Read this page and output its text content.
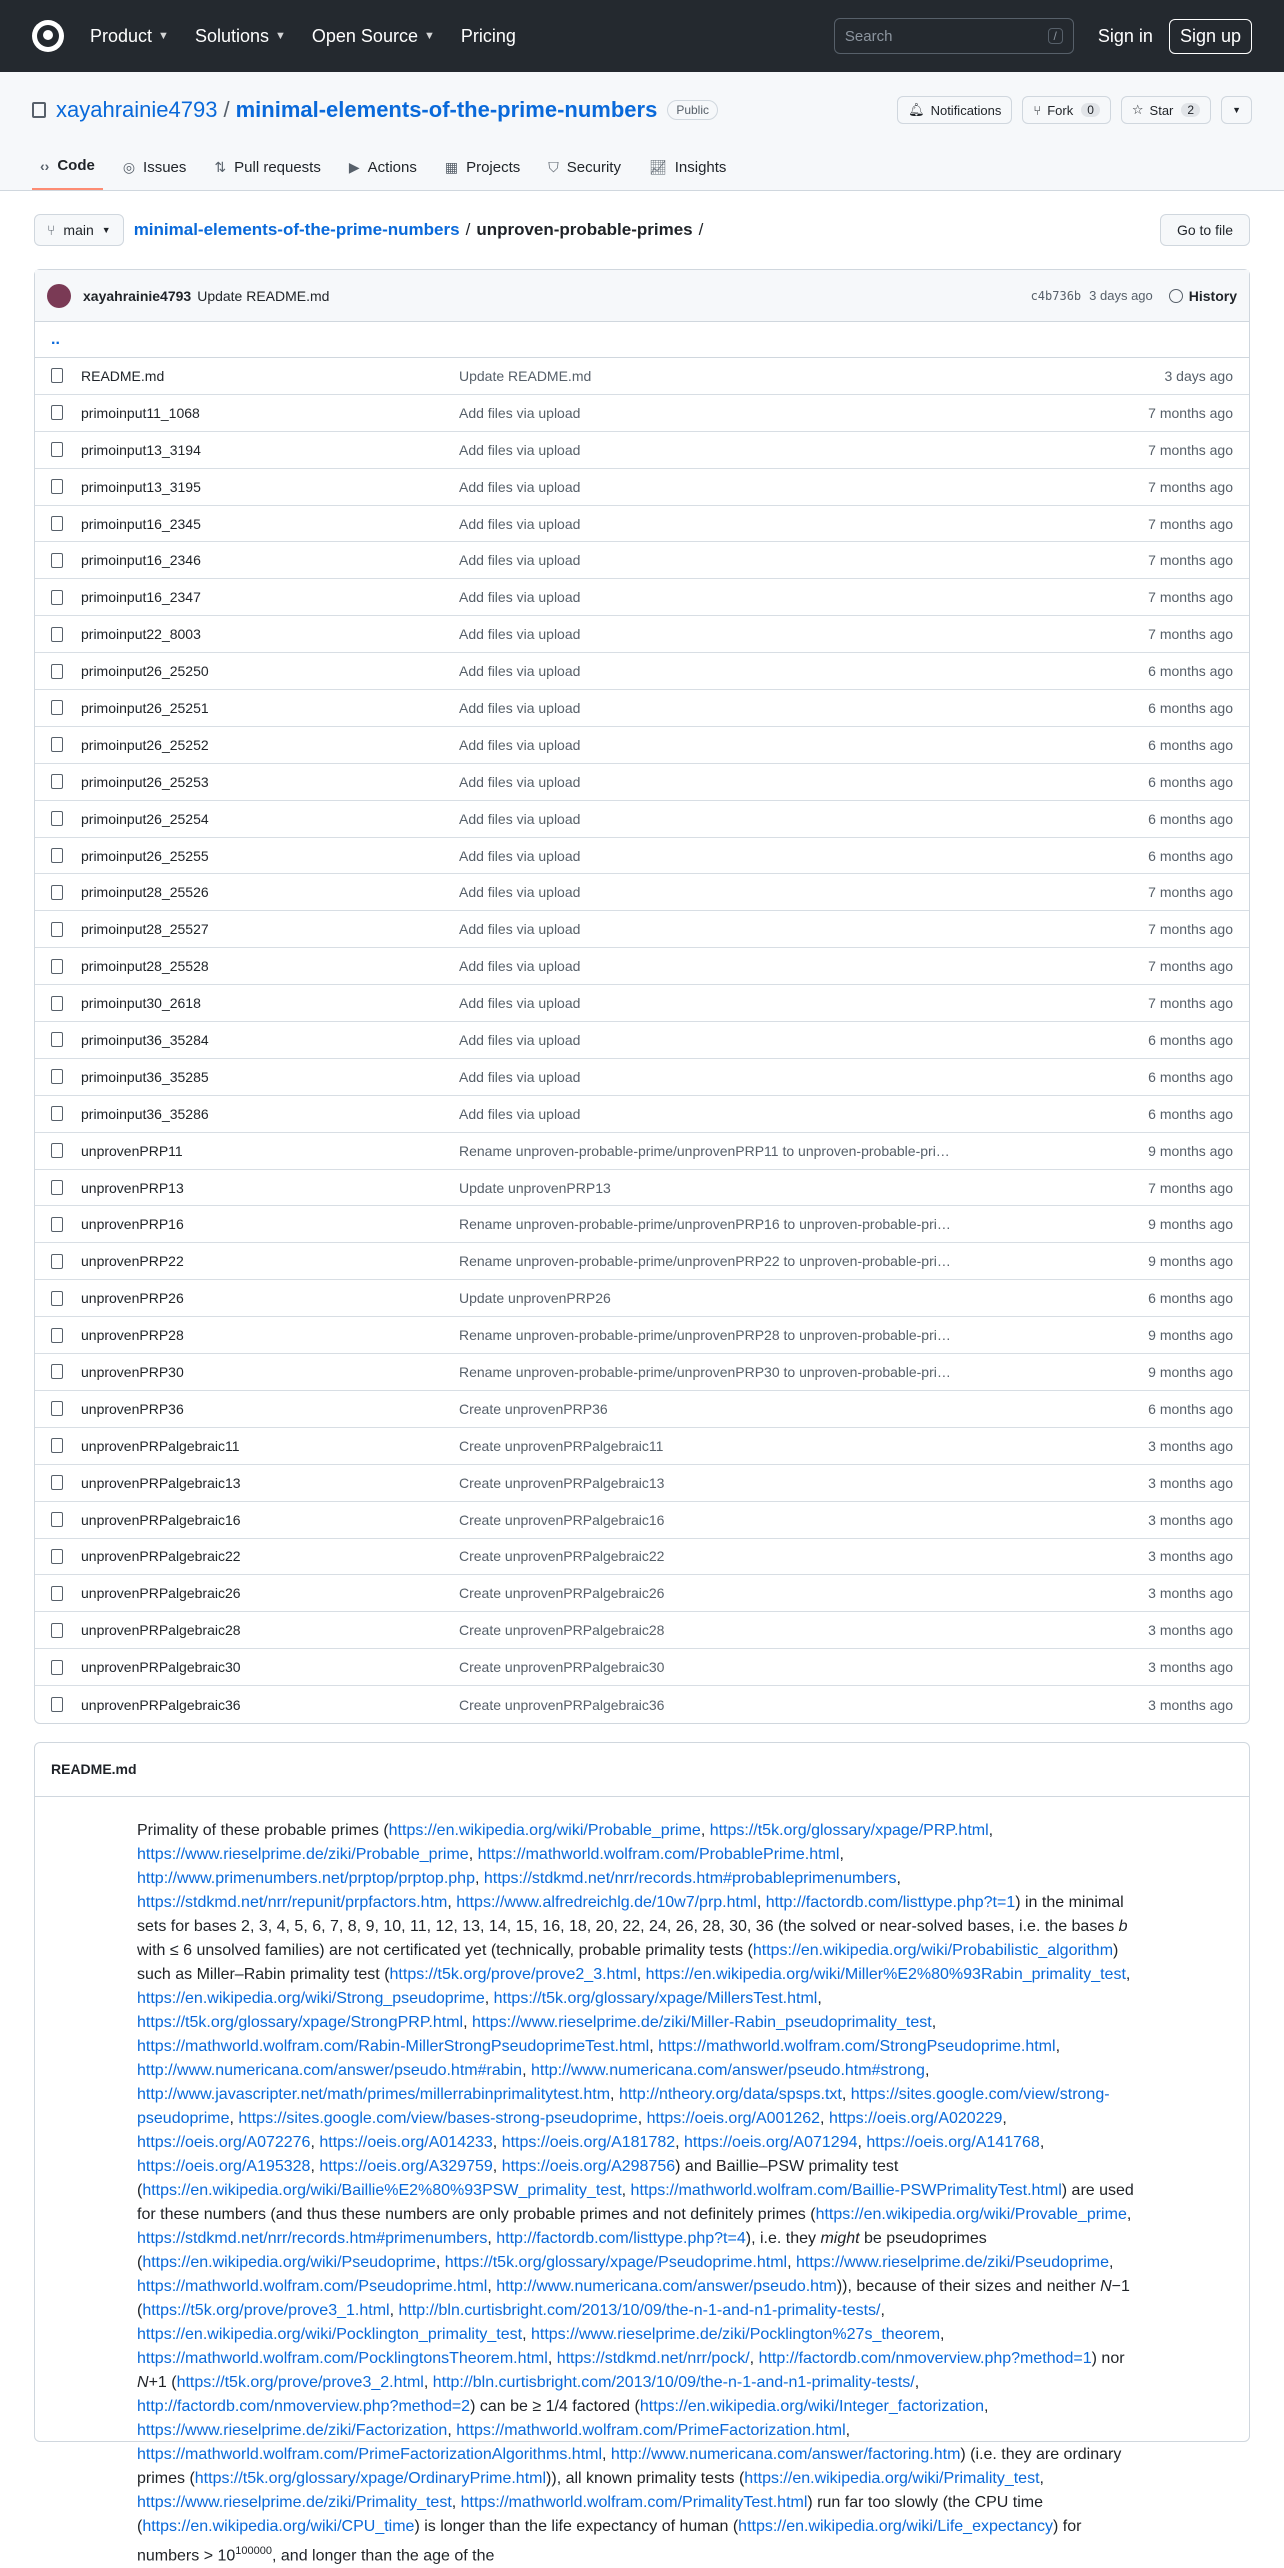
Product ▼ Solutions ▼ Open Source ▼ Pricing	Search	/	Sign in	Sign up
xayahrainie4793 / minimal-elements-of-the-prime-numbers	Public	🔔︎ Notifications ⑂ Fork	0	☆ Star	2	▼
‹› Code ◎ Issues ⇅ Pull requests ▶ Actions ▦ Projects ⛉ Security 📈︎ Insights
⑂ main ▼ minimal-elements-of-the-prime-numbers / unproven-probable-primes /	Go to file
xayahrainie4793 Update README.md	c4b736b 3 days ago	History
..
README.md	Update README.md	3 days ago
primoinput11_1068	Add files via upload	7 months ago
primoinput13_3194	Add files via upload	7 months ago
primoinput13_3195	Add files via upload	7 months ago
primoinput16_2345	Add files via upload	7 months ago
primoinput16_2346	Add files via upload	7 months ago
primoinput16_2347	Add files via upload	7 months ago
primoinput22_8003	Add files via upload	7 months ago
primoinput26_25250	Add files via upload	6 months ago
primoinput26_25251	Add files via upload	6 months ago
primoinput26_25252	Add files via upload	6 months ago
primoinput26_25253	Add files via upload	6 months ago
primoinput26_25254	Add files via upload	6 months ago
primoinput26_25255	Add files via upload	6 months ago
primoinput28_25526	Add files via upload	7 months ago
primoinput28_25527	Add files via upload	7 months ago
primoinput28_25528	Add files via upload	7 months ago
primoinput30_2618	Add files via upload	7 months ago
primoinput36_35284	Add files via upload	6 months ago
primoinput36_35285	Add files via upload	6 months ago
primoinput36_35286	Add files via upload	6 months ago
unprovenPRP11	Rename unproven-probable-prime/unprovenPRP11 to unproven-probable-pri…	9 months ago
unprovenPRP13	Update unprovenPRP13	7 months ago
unprovenPRP16	Rename unproven-probable-prime/unprovenPRP16 to unproven-probable-pri…	9 months ago
unprovenPRP22	Rename unproven-probable-prime/unprovenPRP22 to unproven-probable-pri…	9 months ago
unprovenPRP26	Update unprovenPRP26	6 months ago
unprovenPRP28	Rename unproven-probable-prime/unprovenPRP28 to unproven-probable-pri…	9 months ago
unprovenPRP30	Rename unproven-probable-prime/unprovenPRP30 to unproven-probable-pri…	9 months ago
unprovenPRP36	Create unprovenPRP36	6 months ago
unprovenPRPalgebraic11	Create unprovenPRPalgebraic11	3 months ago
unprovenPRPalgebraic13	Create unprovenPRPalgebraic13	3 months ago
unprovenPRPalgebraic16	Create unprovenPRPalgebraic16	3 months ago
unprovenPRPalgebraic22	Create unprovenPRPalgebraic22	3 months ago
unprovenPRPalgebraic26	Create unprovenPRPalgebraic26	3 months ago
unprovenPRPalgebraic28	Create unprovenPRPalgebraic28	3 months ago
unprovenPRPalgebraic30	Create unprovenPRPalgebraic30	3 months ago
unprovenPRPalgebraic36	Create unprovenPRPalgebraic36	3 months ago
README.md

Primality of these probable primes (https://en.wikipedia.org/wiki/Probable_prime, https://t5k.org/glossary/xpage/PRP.html, https://www.rieselprime.de/ziki/Probable_prime, https://mathworld.wolfram.com/ProbablePrime.html, http://www.primenumbers.net/prptop/prptop.php, https://stdkmd.net/nrr/records.htm#probableprimenumbers, https://stdkmd.net/nrr/repunit/prpfactors.htm, https://www.alfredreichlg.de/10w7/prp.html, http://factordb.com/listtype.php?t=1) in the minimal sets for bases 2, 3, 4, 5, 6, 7, 8, 9, 10, 11, 12, 13, 14, 15, 16, 18, 20, 22, 24, 26, 28, 30, 36 (the solved or near-solved bases, i.e. the bases b with ≤ 6 unsolved families) are not certificated yet (technically, probable primality tests (https://en.wikipedia.org/wiki/Probabilistic_algorithm) such as Miller–Rabin primality test (https://t5k.org/prove/prove2_3.html, https://en.wikipedia.org/wiki/Miller%E2%80%93Rabin_primality_test, https://en.wikipedia.org/wiki/Strong_pseudoprime, https://t5k.org/glossary/xpage/MillersTest.html, https://t5k.org/glossary/xpage/StrongPRP.html, https://www.rieselprime.de/ziki/Miller-Rabin_pseudoprimality_test, https://mathworld.wolfram.com/Rabin-MillerStrongPseudoprimeTest.html, https://mathworld.wolfram.com/StrongPseudoprime.html, http://www.numericana.com/answer/pseudo.htm#rabin, http://www.numericana.com/answer/pseudo.htm#strong, http://www.javascripter.net/math/primes/millerrabinprimalitytest.htm, http://ntheory.org/data/spsps.txt, https://sites.google.com/view/strong-pseudoprime, https://sites.google.com/view/bases-strong-pseudoprime, https://oeis.org/A001262, https://oeis.org/A020229, https://oeis.org/A072276, https://oeis.org/A014233, https://oeis.org/A181782, https://oeis.org/A071294, https://oeis.org/A141768, https://oeis.org/A195328, https://oeis.org/A329759, https://oeis.org/A298756) and Baillie–PSW primality test (https://en.wikipedia.org/wiki/Baillie%E2%80%93PSW_primality_test, https://mathworld.wolfram.com/Baillie-PSWPrimalityTest.html) are used for these numbers (and thus these numbers are only probable primes and not definitely primes (https://en.wikipedia.org/wiki/Provable_prime, https://stdkmd.net/nrr/records.htm#primenumbers, http://factordb.com/listtype.php?t=4), i.e. they might be pseudoprimes (https://en.wikipedia.org/wiki/Pseudoprime, https://t5k.org/glossary/xpage/Pseudoprime.html, https://www.rieselprime.de/ziki/Pseudoprime, https://mathworld.wolfram.com/Pseudoprime.html, http://www.numericana.com/answer/pseudo.htm)), because of their sizes and neither N−1 (https://t5k.org/prove/prove3_1.html, http://bln.curtisbright.com/2013/10/09/the-n-1-and-n1-primality-tests/, https://en.wikipedia.org/wiki/Pocklington_primality_test, https://www.rieselprime.de/ziki/Pocklington%27s_theorem, https://mathworld.wolfram.com/PocklingtonsTheorem.html, https://stdkmd.net/nrr/pock/, http://factordb.com/nmoverview.php?method=1) nor N+1 (https://t5k.org/prove/prove3_2.html, http://bln.curtisbright.com/2013/10/09/the-n-1-and-n1-primality-tests/, http://factordb.com/nmoverview.php?method=2) can be ≥ 1/4 factored (https://en.wikipedia.org/wiki/Integer_factorization, https://www.rieselprime.de/ziki/Factorization, https://mathworld.wolfram.com/PrimeFactorization.html, https://mathworld.wolfram.com/PrimeFactorizationAlgorithms.html, http://www.numericana.com/answer/factoring.htm) (i.e. they are ordinary primes (https://t5k.org/glossary/xpage/OrdinaryPrime.html)), all known primality tests (https://en.wikipedia.org/wiki/Primality_test, https://www.rieselprime.de/ziki/Primality_test, https://mathworld.wolfram.com/PrimalityTest.html) run far too slowly (the CPU time (https://en.wikipedia.org/wiki/CPU_time) is longer than the life expectancy of human (https://en.wikipedia.org/wiki/Life_expectancy) for numbers > $10^{100000}$, and longer than the age of the
